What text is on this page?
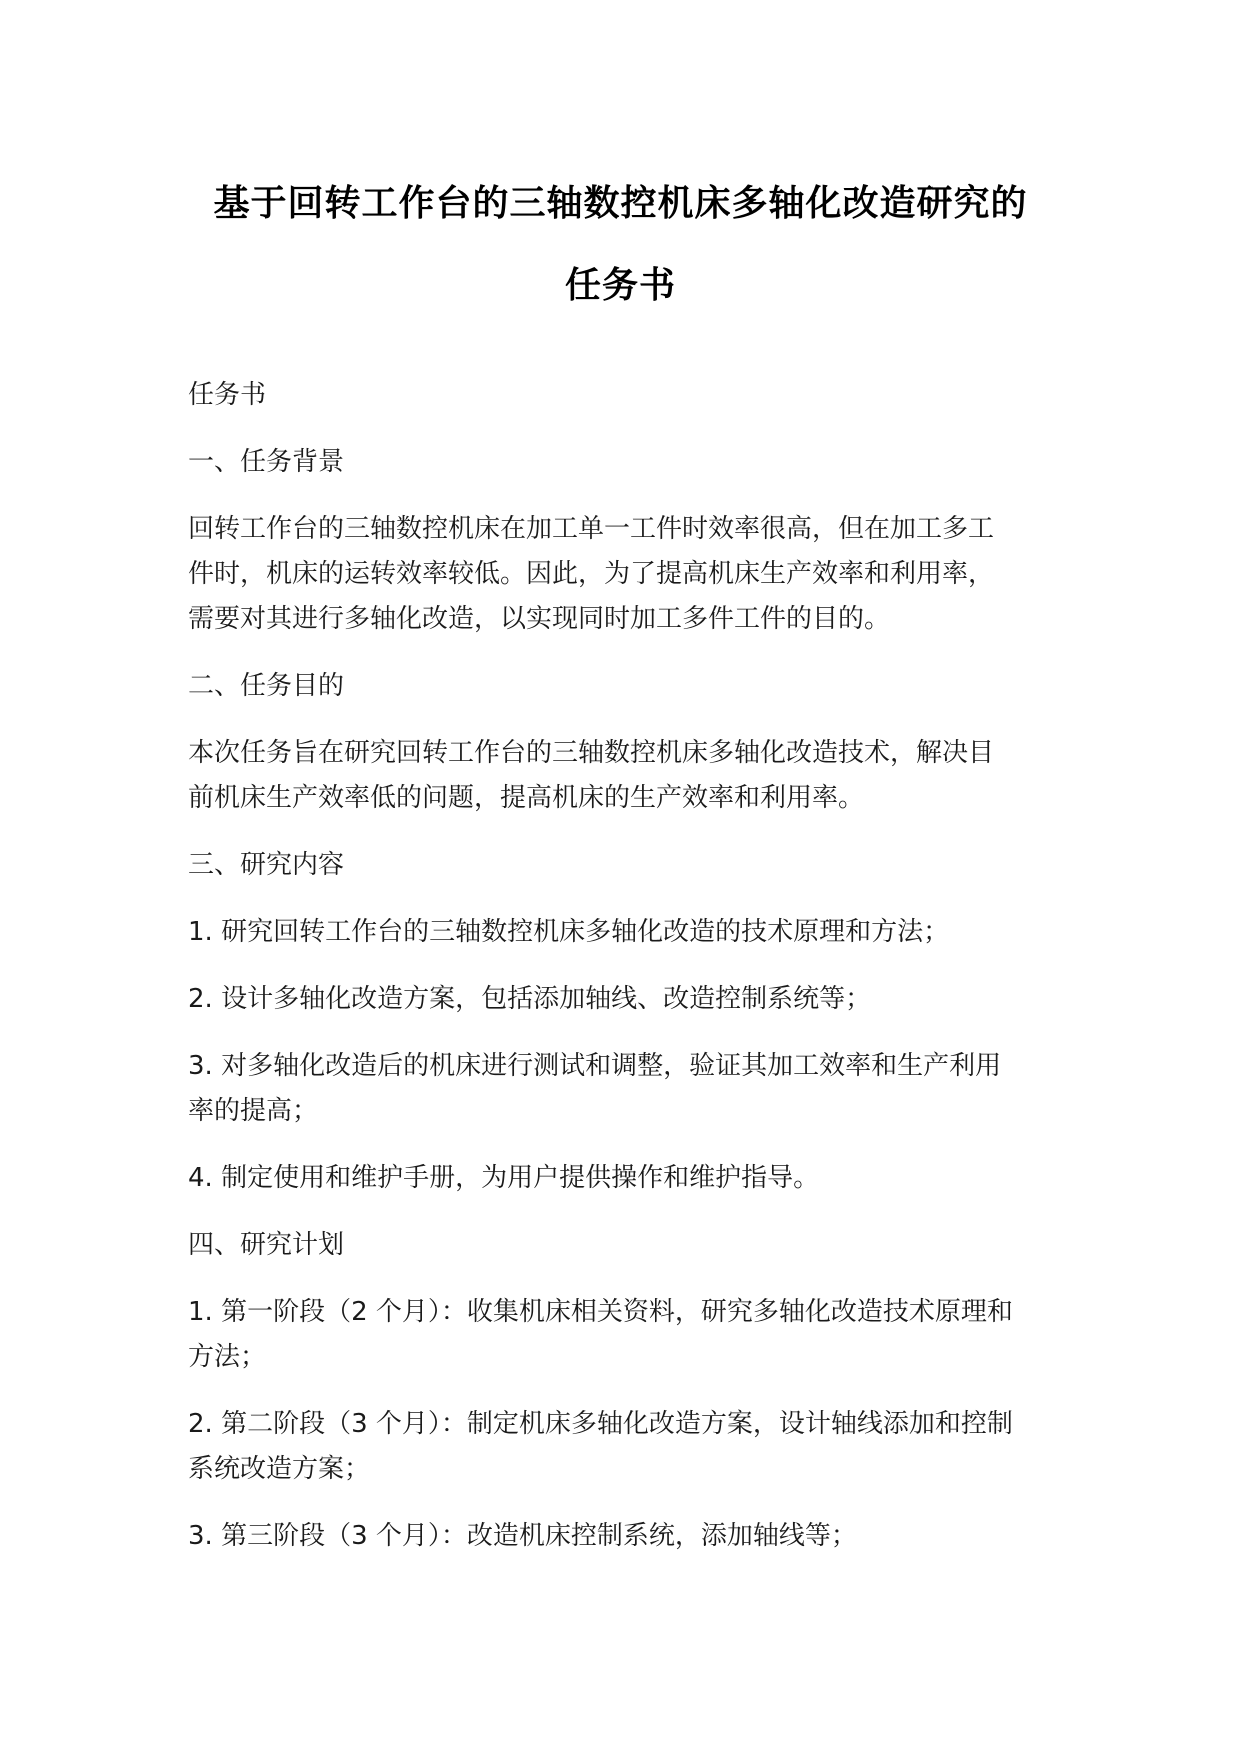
基于回转工作台的三轴数控机床多轴化改造研究的
任务书
任务书
一、任务背景
回转工作台的三轴数控机床在加工单一工件时效率很高，但在加工多工
件时，机床的运转效率较低。因此，为了提高机床生产效率和利用率，
需要对其进行多轴化改造，以实现同时加工多件工件的目的。
二、任务目的
本次任务旨在研究回转工作台的三轴数控机床多轴化改造技术，解决目
前机床生产效率低的问题，提高机床的生产效率和利用率。
三、研究内容
1. 研究回转工作台的三轴数控机床多轴化改造的技术原理和方法；
2. 设计多轴化改造方案，包括添加轴线、改造控制系统等；
3. 对多轴化改造后的机床进行测试和调整，验证其加工效率和生产利用
率的提高；
4. 制定使用和维护手册，为用户提供操作和维护指导。
四、研究计划
1. 第一阶段（2 个月）：收集机床相关资料，研究多轴化改造技术原理和
方法；
2. 第二阶段（3 个月）：制定机床多轴化改造方案，设计轴线添加和控制
系统改造方案；
3. 第三阶段（3 个月）：改造机床控制系统，添加轴线等；
